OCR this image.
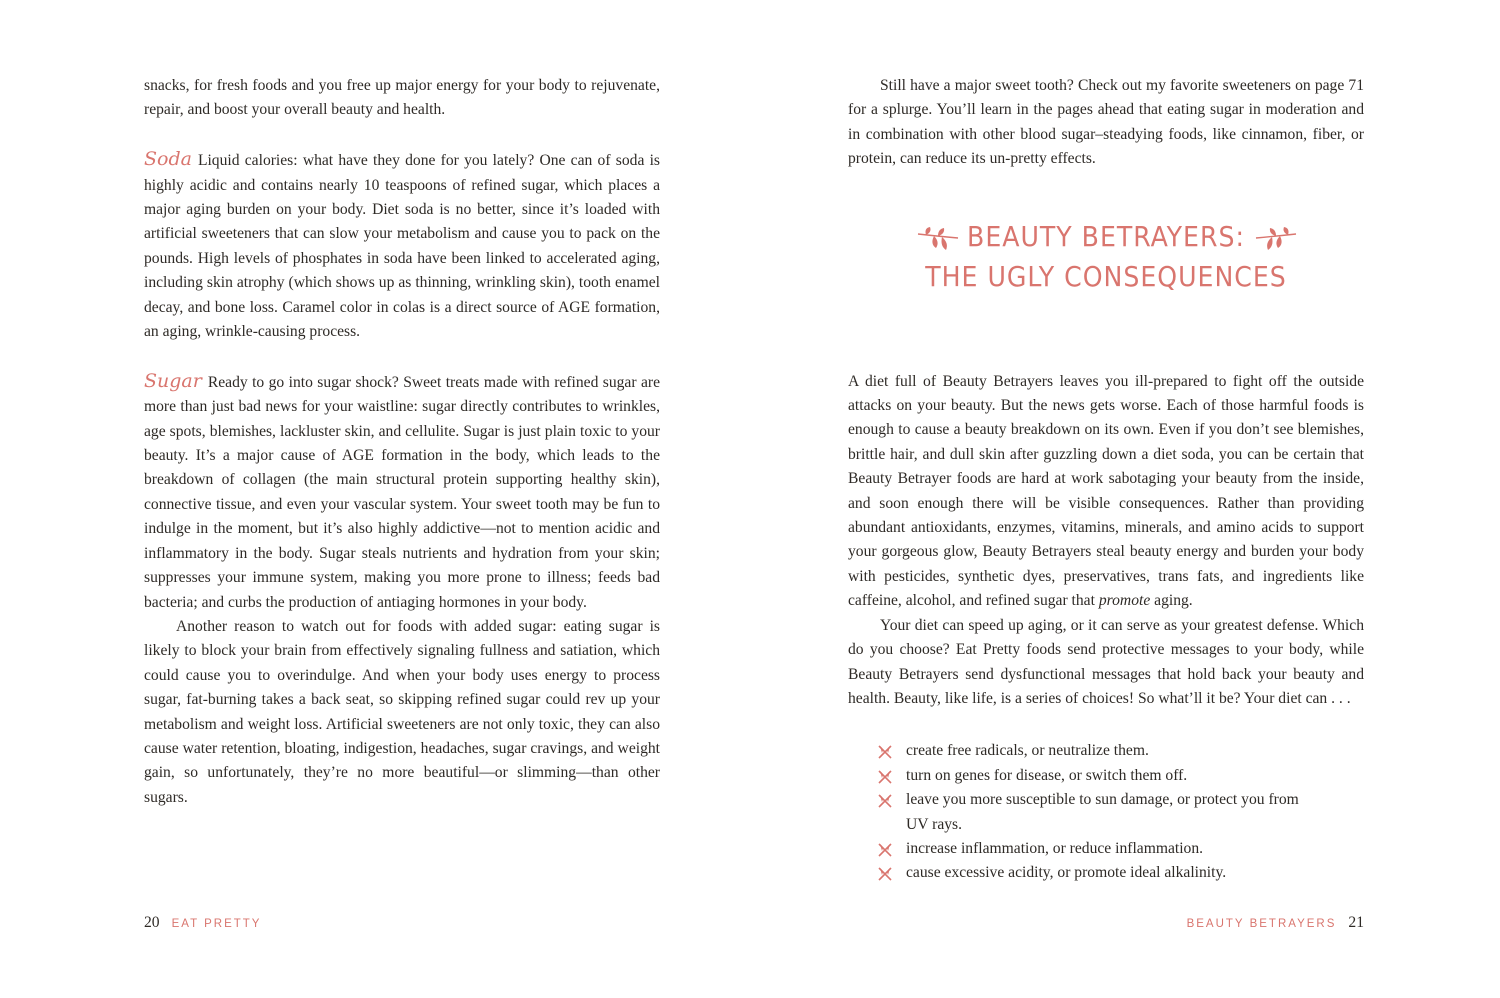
snacks, for fresh foods and you free up major energy for your body to rejuvenate, repair, and boost your overall beauty and health.

Soda Liquid calories: what have they done for you lately? One can of soda is highly acidic and contains nearly 10 teaspoons of refined sugar, which places a major aging burden on your body. Diet soda is no better, since it’s loaded with artificial sweeteners that can slow your metabolism and cause you to pack on the pounds. High levels of phosphates in soda have been linked to accelerated aging, including skin atrophy (which shows up as thinning, wrinkling skin), tooth enamel decay, and bone loss. Caramel color in colas is a direct source of AGE formation, an aging, wrinkle-causing process.

Sugar Ready to go into sugar shock? Sweet treats made with refined sugar are more than just bad news for your waistline: sugar directly contributes to wrinkles, age spots, blemishes, lackluster skin, and cellulite. Sugar is just plain toxic to your beauty. It’s a major cause of AGE formation in the body, which leads to the breakdown of collagen (the main structural protein supporting healthy skin), connective tissue, and even your vascular system. Your sweet tooth may be fun to indulge in the moment, but it’s also highly addictive—not to mention acidic and inflammatory in the body. Sugar steals nutrients and hydration from your skin; suppresses your immune system, making you more prone to illness; feeds bad bacteria; and curbs the production of antiaging hormones in your body.

Another reason to watch out for foods with added sugar: eating sugar is likely to block your brain from effectively signaling fullness and satiation, which could cause you to overindulge. And when your body uses energy to process sugar, fat-burning takes a back seat, so skipping refined sugar could rev up your metabolism and weight loss. Artificial sweeteners are not only toxic, they can also cause water retention, bloating, indigestion, headaches, sugar cravings, and weight gain, so unfortunately, they’re no more beautiful—or slimming—than other sugars.

20 EAT PRETTY

Still have a major sweet tooth? Check out my favorite sweeteners on page 71 for a splurge. You’ll learn in the pages ahead that eating sugar in moderation and in combination with other blood sugar–steadying foods, like cinnamon, fiber, or protein, can reduce its un-pretty effects.

BEAUTY BETRAYERS:
THE UGLY CONSEQUENCES

A diet full of Beauty Betrayers leaves you ill-prepared to fight off the outside attacks on your beauty. But the news gets worse. Each of those harmful foods is enough to cause a beauty breakdown on its own. Even if you don’t see blemishes, brittle hair, and dull skin after guzzling down a diet soda, you can be certain that Beauty Betrayer foods are hard at work sabotaging your beauty from the inside, and soon enough there will be visible consequences. Rather than providing abundant antioxidants, enzymes, vitamins, minerals, and amino acids to support your gorgeous glow, Beauty Betrayers steal beauty energy and burden your body with pesticides, synthetic dyes, preservatives, trans fats, and ingredients like caffeine, alcohol, and refined sugar that promote aging.

Your diet can speed up aging, or it can serve as your greatest defense. Which do you choose? Eat Pretty foods send protective messages to your body, while Beauty Betrayers send dysfunctional messages that hold back your beauty and health. Beauty, like life, is a series of choices! So what’ll it be? Your diet can . . .

create free radicals, or neutralize them.
turn on genes for disease, or switch them off.
leave you more susceptible to sun damage, or protect you from UV rays.
increase inflammation, or reduce inflammation.
cause excessive acidity, or promote ideal alkalinity.
BEAUTY BETRAYERS 21
